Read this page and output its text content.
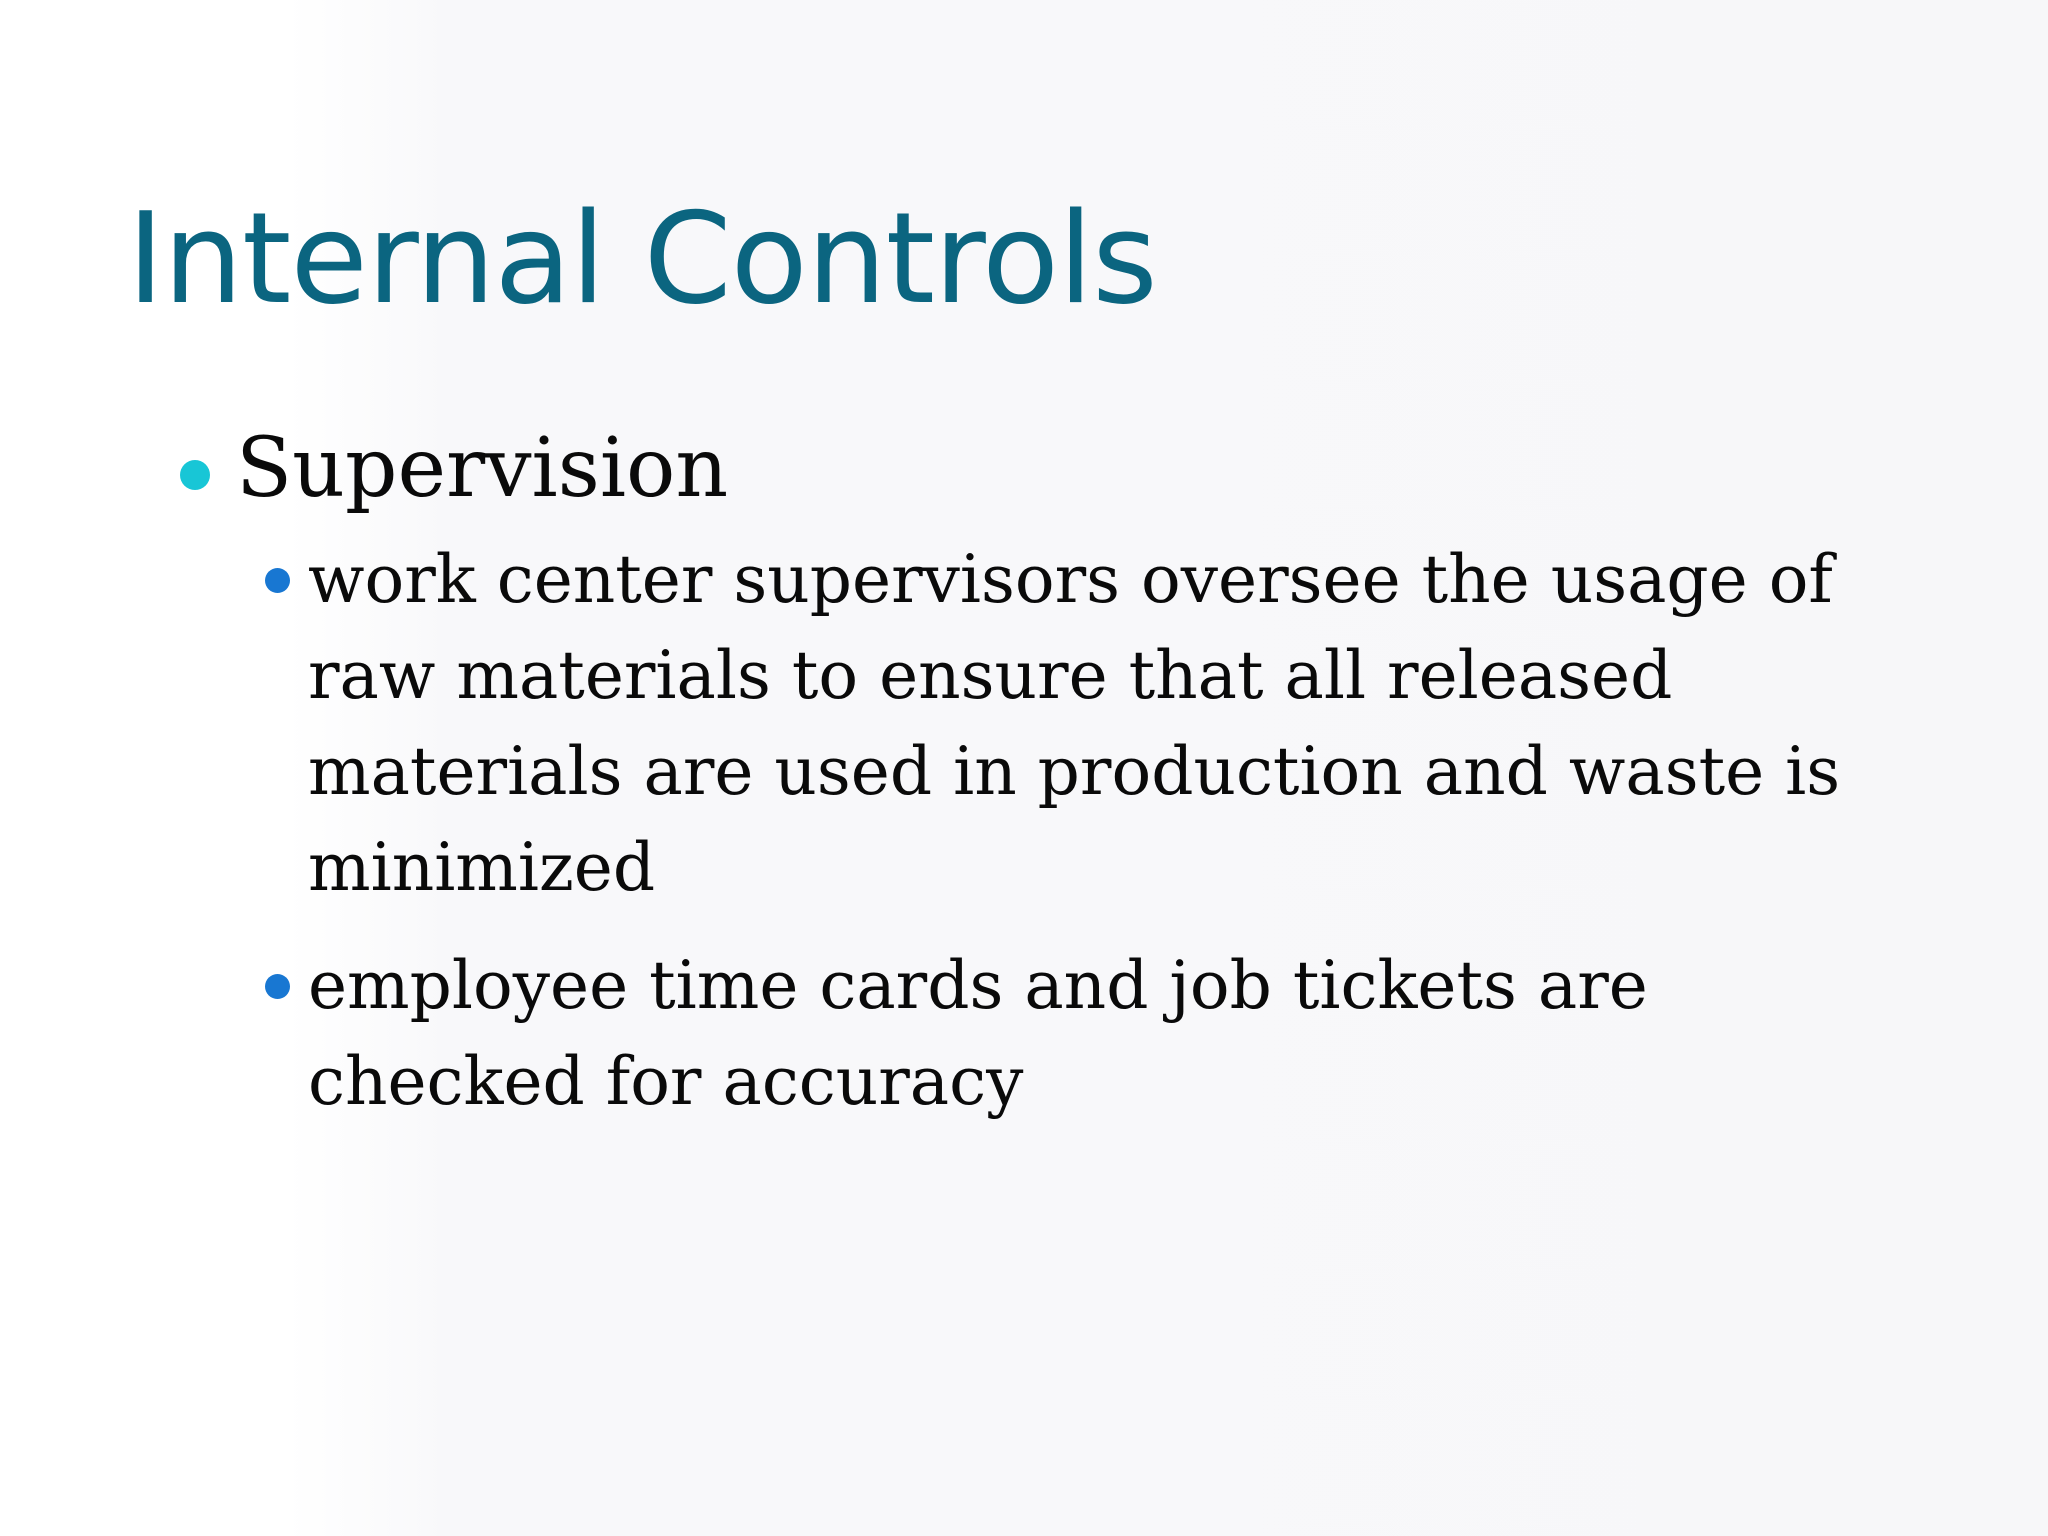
Internal Controls
Supervision
work center supervisors oversee the usage of raw materials to ensure that all released materials are used in production and waste is minimized
employee time cards and job tickets are checked for accuracy
